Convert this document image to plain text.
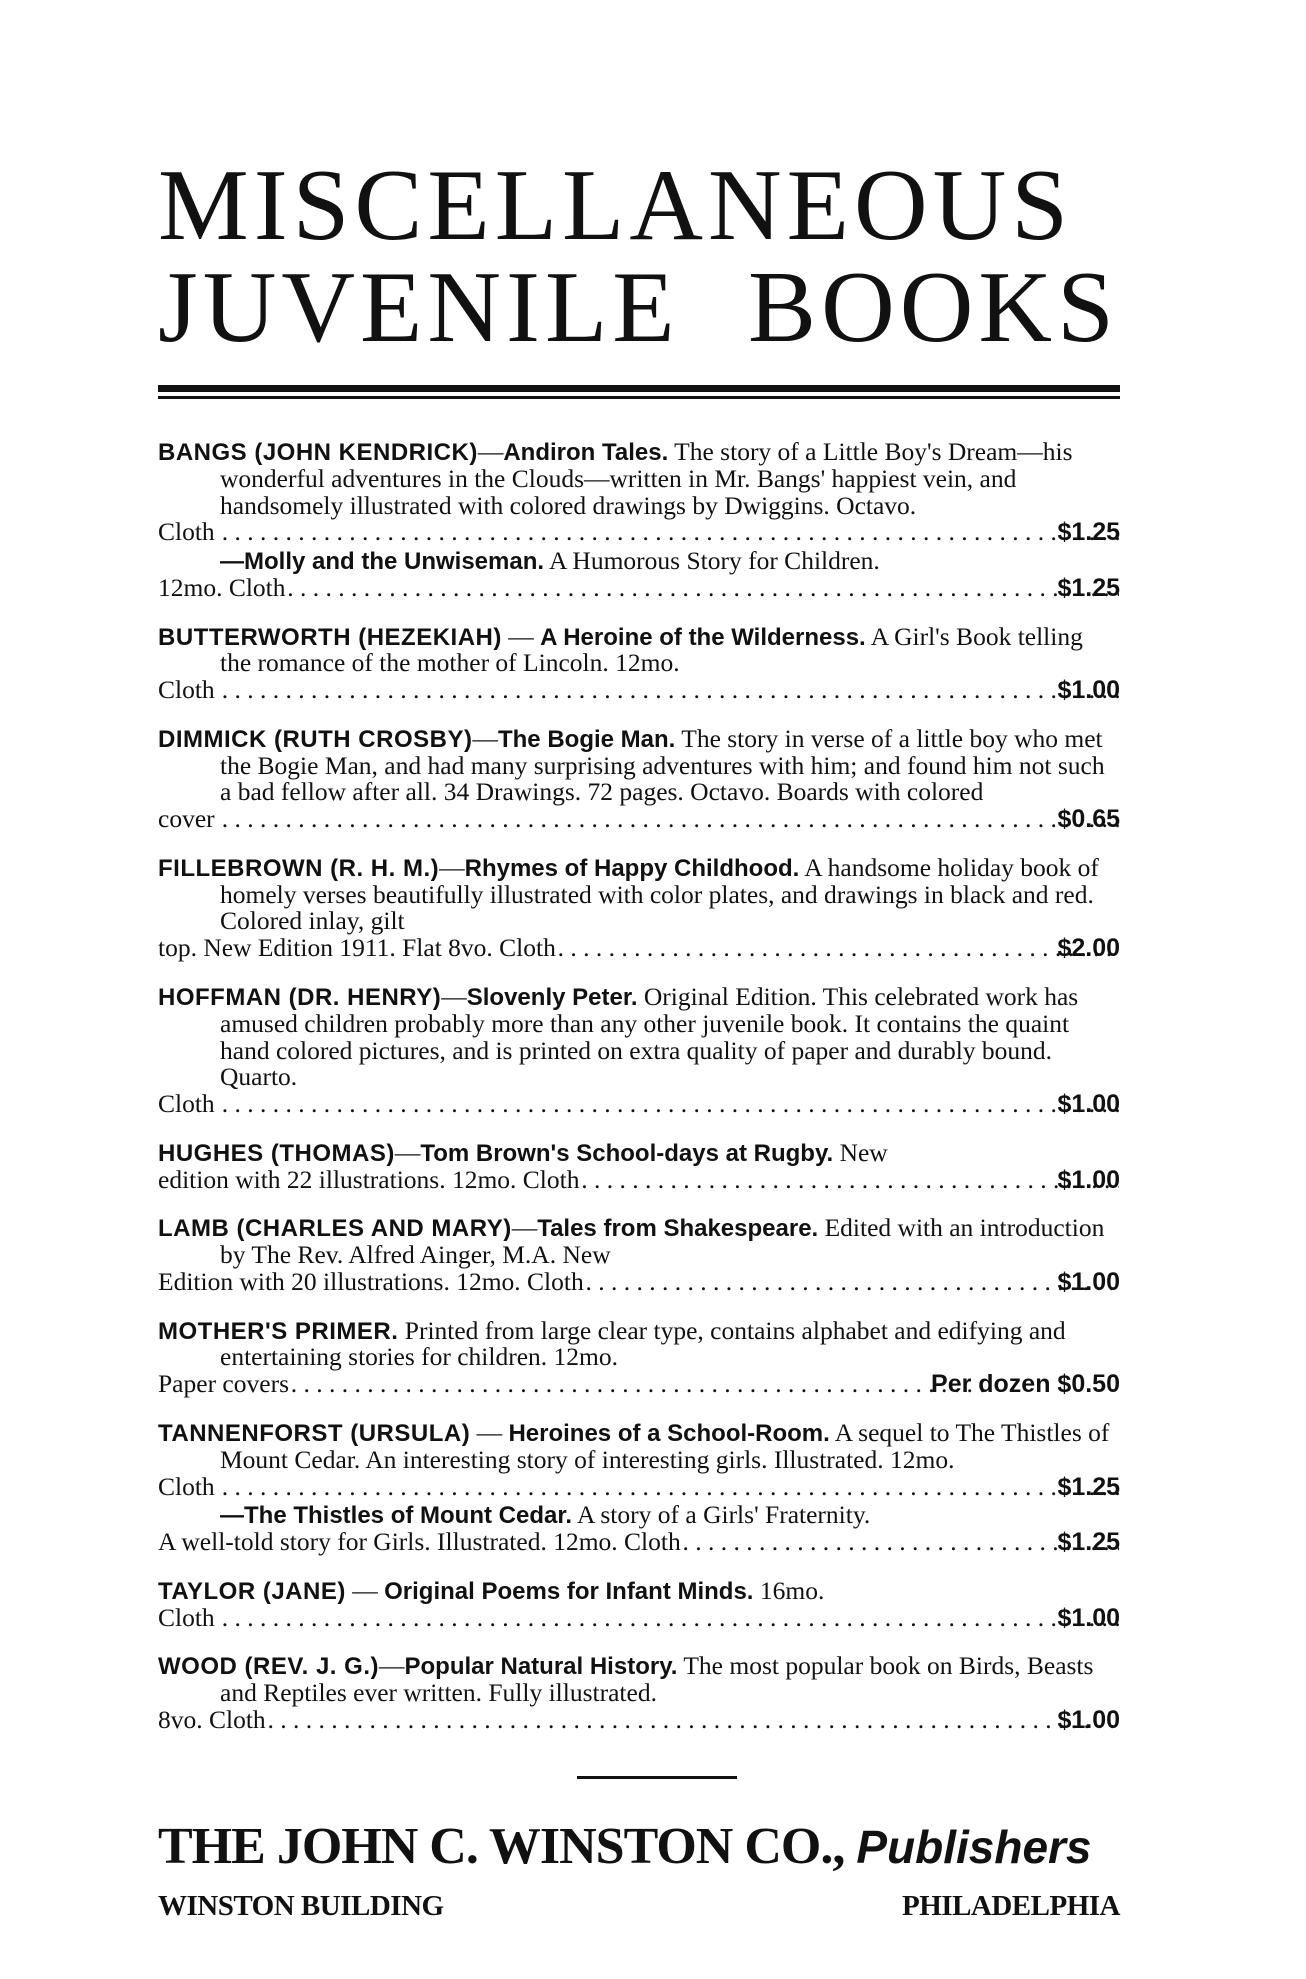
MISCELLANEOUS
JUVENILE BOOKS
BANGS (JOHN KENDRICK)—Andiron Tales. The story of a Little Boy's Dream—his wonderful adventures in the Clouds—written in Mr. Bangs' happiest vein, and handsomely illustrated with colored drawings by Dwiggins. Octavo.
Cloth . . .	$1.25
—Molly and the Unwiseman. A Humorous Story for Children.
12mo. Cloth . . .	$1.25
BUTTERWORTH (HEZEKIAH) — A Heroine of the Wilderness. A Girl's Book telling the romance of the mother of Lincoln. 12mo.
Cloth . . .	$1.00
DIMMICK (RUTH CROSBY)—The Bogie Man. The story in verse of a little boy who met the Bogie Man, and had many surprising adventures with him; and found him not such a bad fellow after all. 34 Drawings. 72 pages. Octavo. Boards with colored
cover . . .	$0.65
FILLEBROWN (R. H. M.)—Rhymes of Happy Childhood. A handsome holiday book of homely verses beautifully illustrated with color plates, and drawings in black and red. Colored inlay, gilt
top. New Edition 1911. Flat 8vo. Cloth . . .	$2.00
HOFFMAN (DR. HENRY)—Slovenly Peter. Original Edition. This celebrated work has amused children probably more than any other juvenile book. It contains the quaint hand colored pictures, and is printed on extra quality of paper and durably bound. Quarto.
Cloth . . .	$1.00
HUGHES (THOMAS)—Tom Brown's School-days at Rugby. New
edition with 22 illustrations. 12mo. Cloth . . .	$1.00
LAMB (CHARLES AND MARY)—Tales from Shakespeare. Edited with an introduction by The Rev. Alfred Ainger, M.A. New
Edition with 20 illustrations. 12mo. Cloth . . .	$1.00
MOTHER'S PRIMER. Printed from large clear type, contains alphabet and edifying and entertaining stories for children. 12mo.
Paper covers . . .	Per dozen $0.50
TANNENFORST (URSULA) — Heroines of a School-Room. A sequel to The Thistles of Mount Cedar. An interesting story of interesting girls. Illustrated. 12mo.
Cloth . . .	$1.25
—The Thistles of Mount Cedar. A story of a Girls' Fraternity.
A well-told story for Girls. Illustrated. 12mo. Cloth . . .	$1.25
TAYLOR (JANE) — Original Poems for Infant Minds. 16mo.
Cloth . . .	$1.00
WOOD (REV. J. G.)—Popular Natural History. The most popular book on Birds, Beasts and Reptiles ever written. Fully illustrated.
8vo. Cloth . . .	$1.00
THE JOHN C. WINSTON CO., Publishers
WINSTON BUILDING	PHILADELPHIA
